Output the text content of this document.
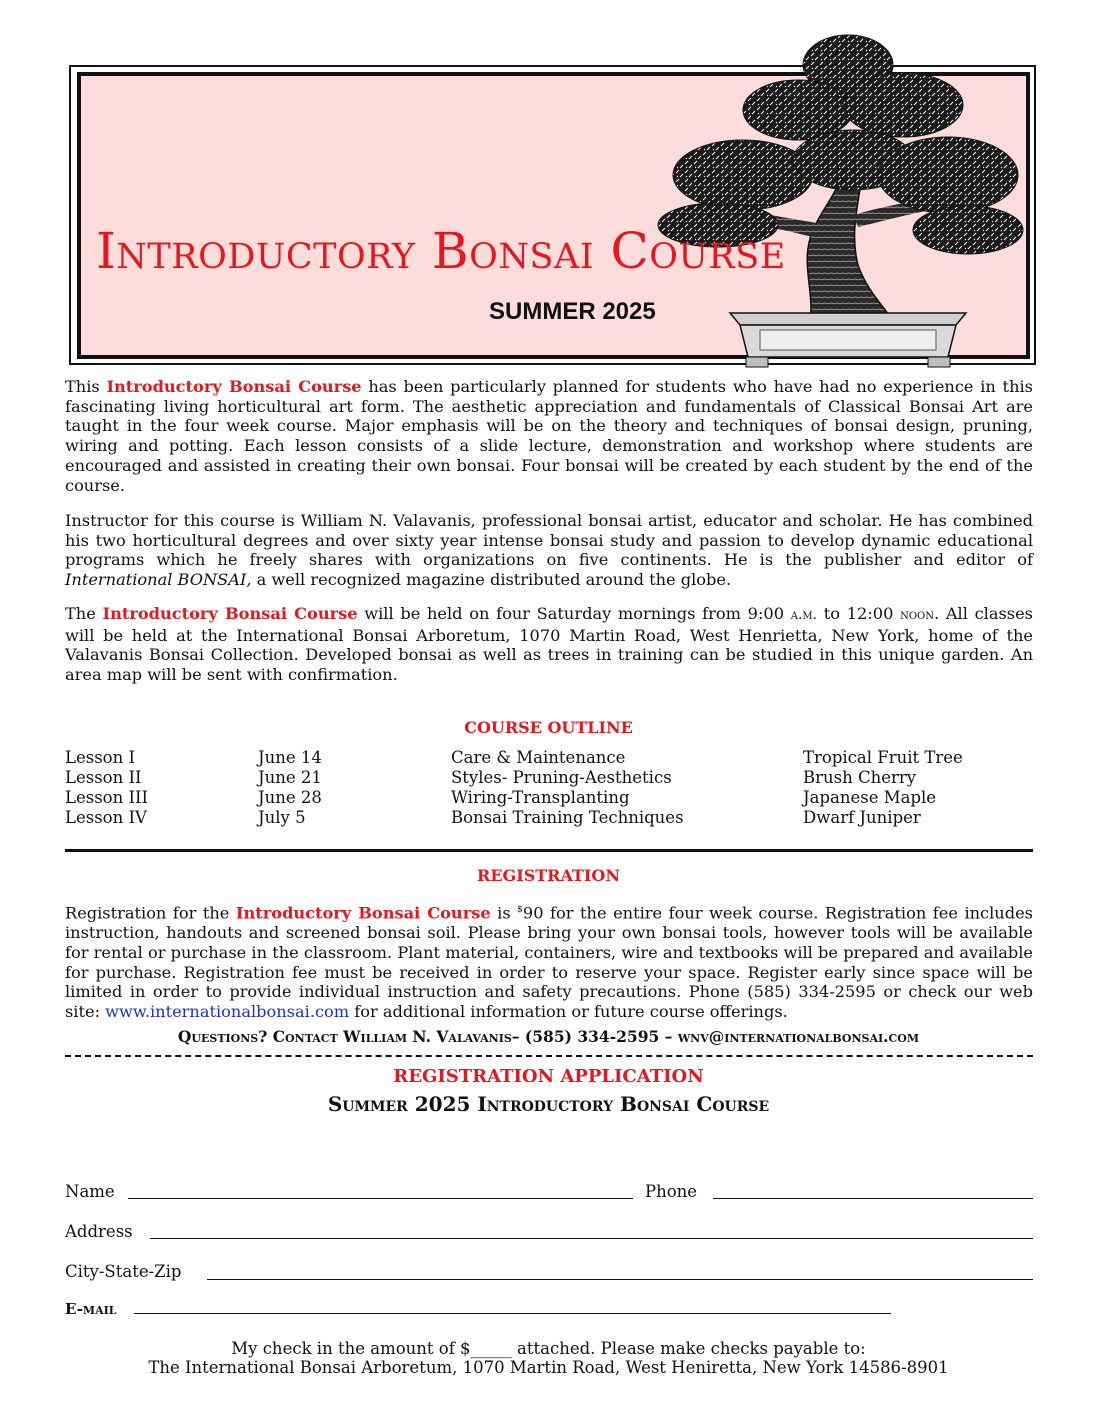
Introductory Bonsai Course
SUMMER 2025
This Introductory Bonsai Course has been particularly planned for students who have had no experience in this fascinating living horticultural art form. The aesthetic appreciation and fundamentals of Classical Bonsai Art are taught in the four week course. Major emphasis will be on the theory and techniques of bonsai design, pruning, wiring and potting. Each lesson consists of a slide lecture, demonstration and workshop where students are encouraged and assisted in creating their own bonsai. Four bonsai will be created by each student by the end of the course.
Instructor for this course is William N. Valavanis, professional bonsai artist, educator and scholar. He has combined his two horticultural degrees and over sixty year intense bonsai study and passion to develop dynamic educational programs which he freely shares with organizations on five continents. He is the publisher and editor of International BONSAI, a well recognized magazine distributed around the globe.
The Introductory Bonsai Course will be held on four Saturday mornings from 9:00 a.m. to 12:00 noon. All classes will be held at the International Bonsai Arboretum, 1070 Martin Road, West Henrietta, New York, home of the Valavanis Bonsai Collection. Developed bonsai as well as trees in training can be studied in this unique garden. An area map will be sent with confirmation.
COURSE OUTLINE
Lesson I
Lesson II
Lesson III
Lesson IV
June 14
June 21
June 28
July 5
Care & Maintenance
Styles- Pruning-Aesthetics
Wiring-Transplanting
Bonsai Training Techniques
Tropical Fruit Tree
Brush Cherry
Japanese Maple
Dwarf Juniper
REGISTRATION
Registration for the Introductory Bonsai Course is $90 for the entire four week course. Registration fee includes instruction, handouts and screened bonsai soil. Please bring your own bonsai tools, however tools will be available for rental or purchase in the classroom. Plant material, containers, wire and textbooks will be prepared and available for purchase. Registration fee must be received in order to reserve your space. Register early since space will be limited in order to provide individual instruction and safety precautions. Phone (585) 334-2595 or check our web site: www.internationalbonsai.com for additional information or future course offerings.
Questions? Contact William N. Valavanis– (585) 334-2595 – wnv@internationalbonsai.com
REGISTRATION APPLICATION
Summer 2025 Introductory Bonsai Course
Name	Phone
Address
City-State-Zip
E-mail
My check in the amount of $_____ attached. Please make checks payable to:
The International Bonsai Arboretum, 1070 Martin Road, West Heniretta, New York 14586-8901
